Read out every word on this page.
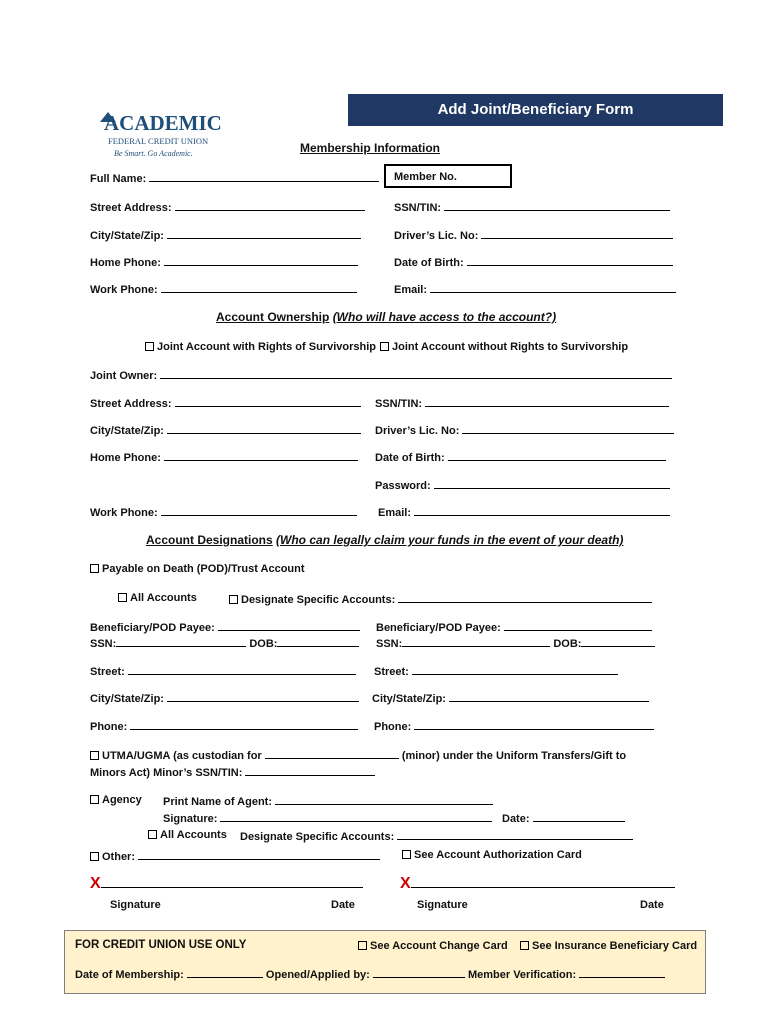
ACADEMIC
FEDERAL CREDIT UNION
Be Smart. Go Academic.

Add Joint/Beneficiary Form
Membership Information
Full Name:	Member No.
Street Address:	SSN/TIN:
City/State/Zip:	Driver’s Lic. No:
Home Phone:	Date of Birth:
Work Phone:	Email:
Account Ownership (Who will have access to the account?)
Joint Account with Rights of Survivorship	Joint Account without Rights to Survivorship
Joint Owner:
Street Address:	SSN/TIN:
City/State/Zip:	Driver’s Lic. No:
Home Phone:	Date of Birth:
Password:
Work Phone:	Email:
Account Designations (Who can legally claim your funds in the event of your death)
Payable on Death (POD)/Trust Account
All Accounts	Designate Specific Accounts:
Beneficiary/POD Payee:	Beneficiary/POD Payee:
SSN:	DOB:	SSN:	DOB:
Street:	Street:
City/State/Zip:	City/State/Zip:
Phone:	Phone:
UTMA/UGMA (as custodian for	(minor) under the Uniform Transfers/Gift to
Minors Act) Minor’s SSN/TIN:
Agency Print Name of Agent:
Signature:	Date:
All Accounts Designate Specific Accounts:
Other:	See Account Authorization Card
X	X
Signature	Date	Signature	Date
FOR CREDIT UNION USE ONLY	See Account Change Card	See Insurance Beneficiary Card
Date of Membership:	Opened/Applied by:	Member Verification:
